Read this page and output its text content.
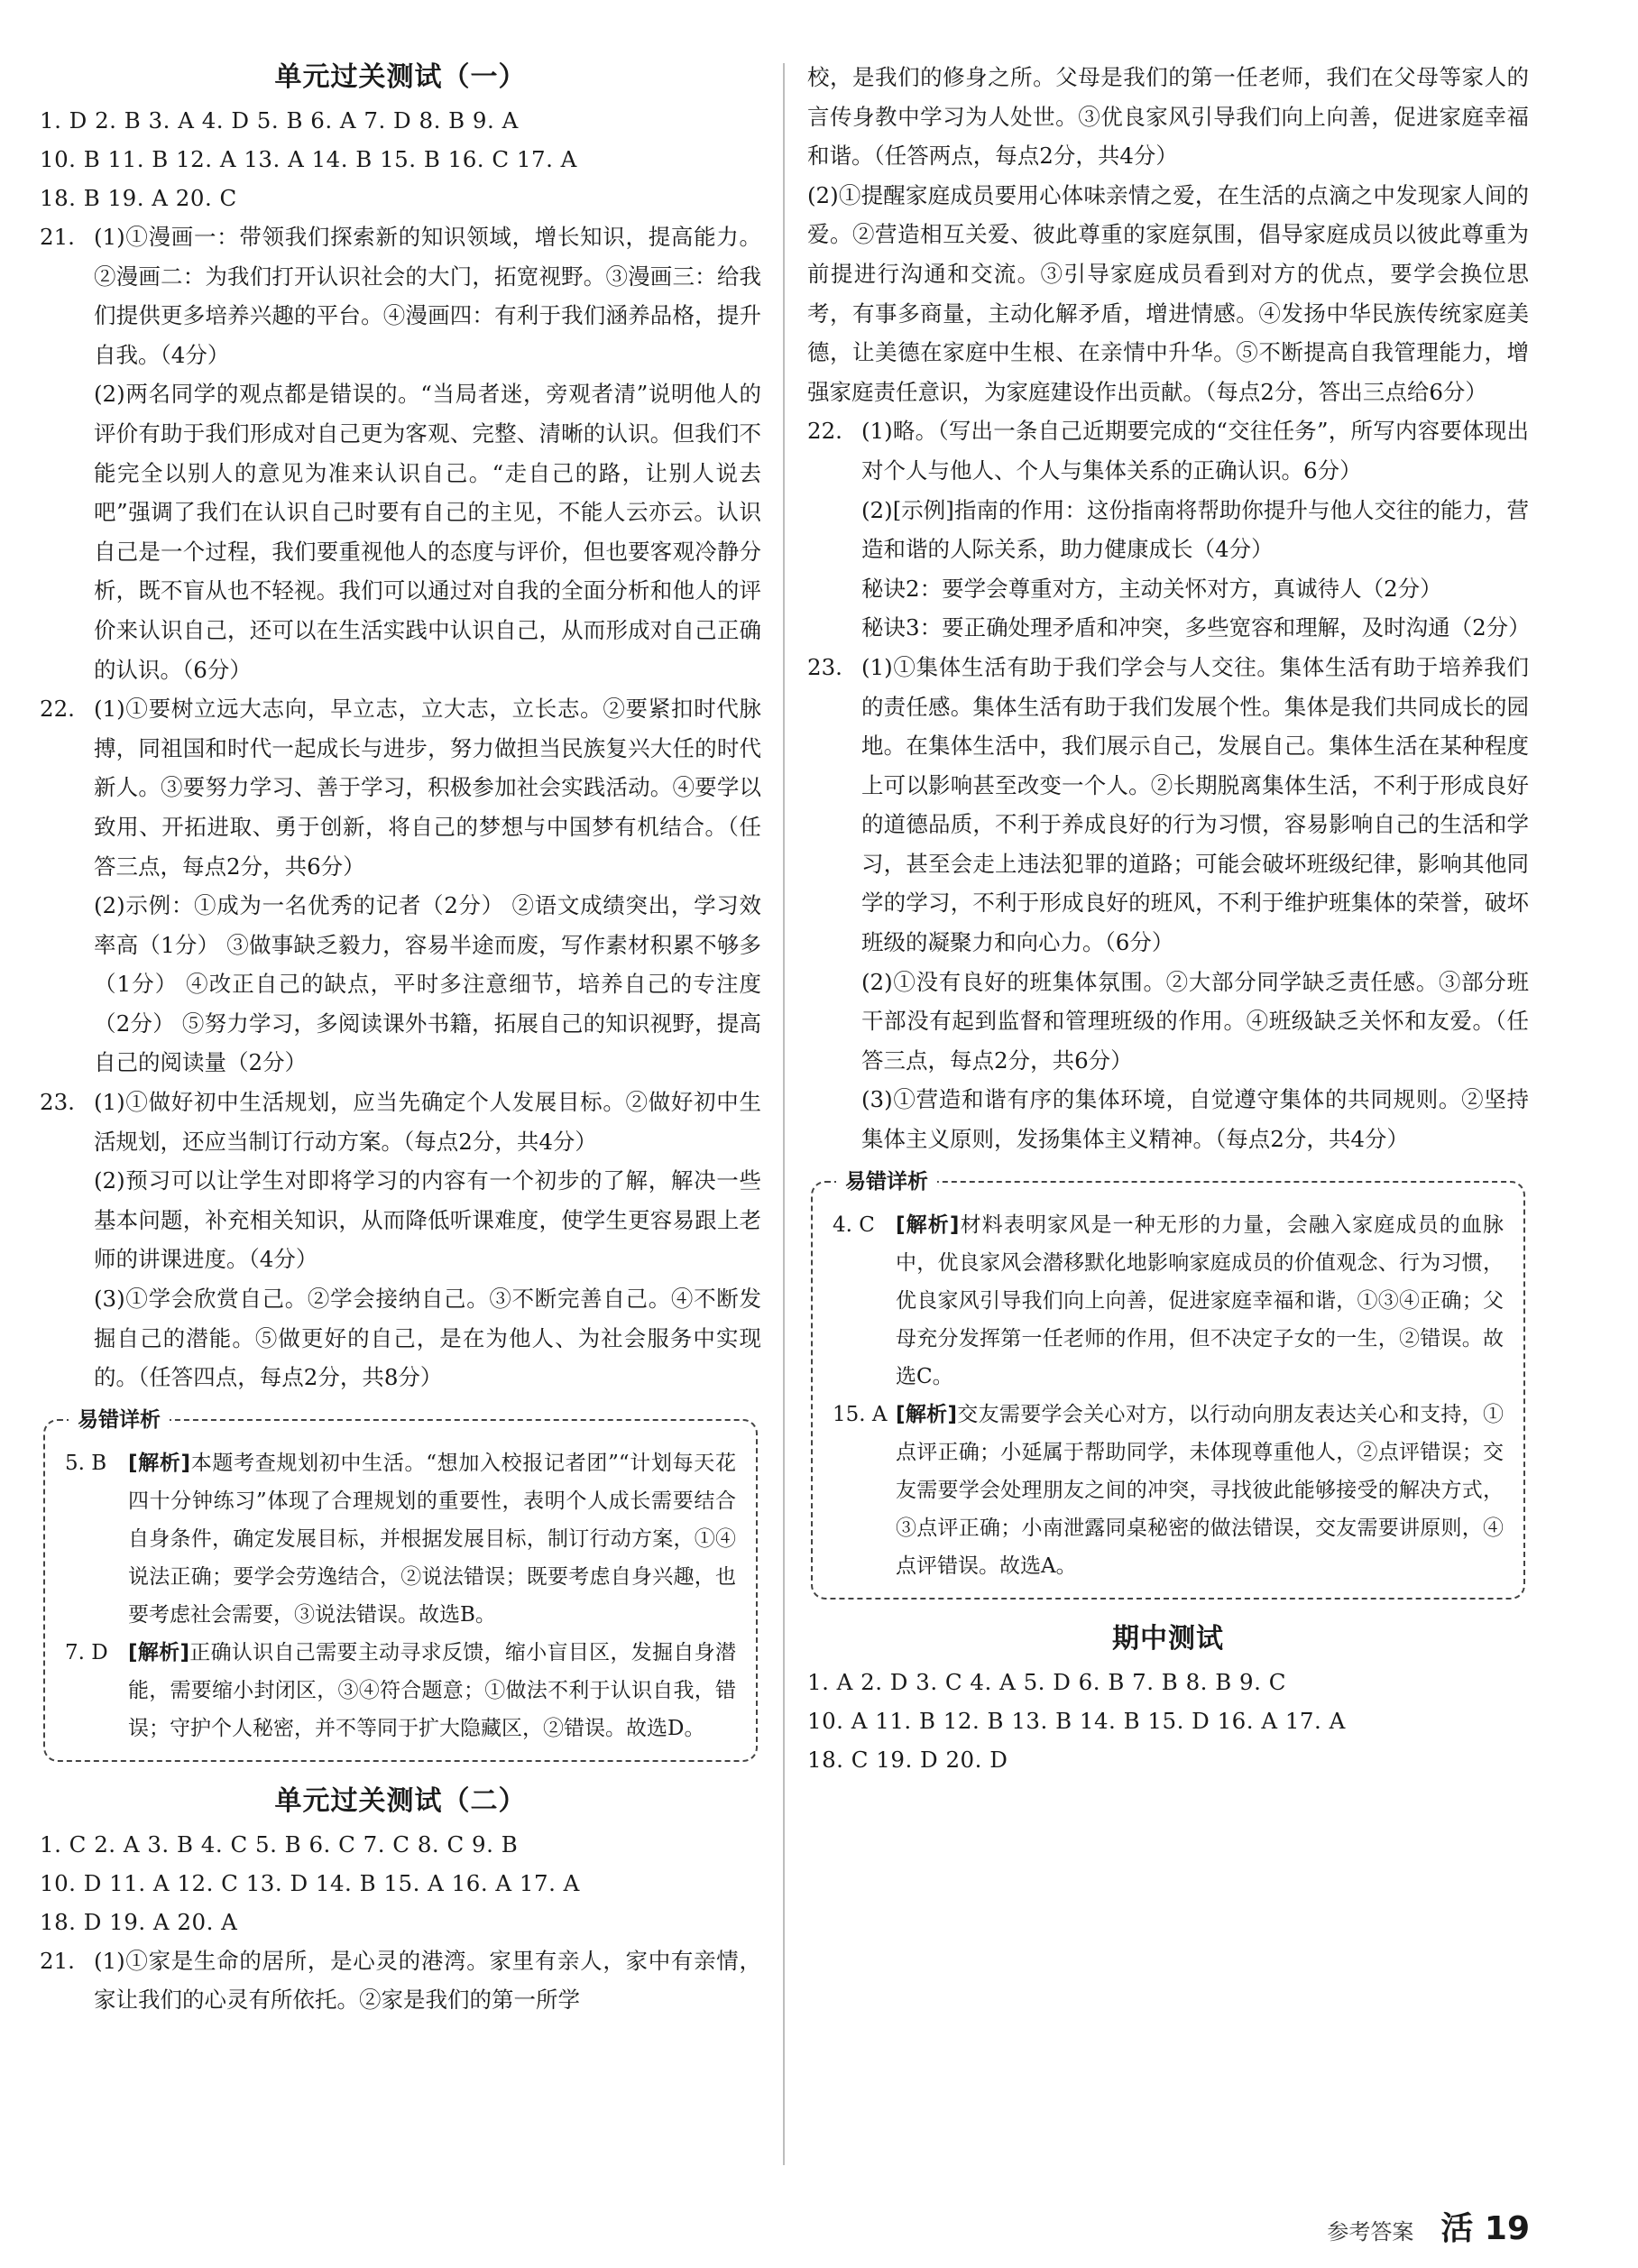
单元过关测试（一）
1. D 2. B 3. A 4. D 5. B 6. A 7. D 8. B 9. A
10. B 11. B 12. A 13. A 14. B 15. B 16. C 17. A
18. B 19. A 20. C
21. (1)①漫画一：带领我们探索新的知识领域，增长知识，提高能力。②漫画二：为我们打开认识社会的大门，拓宽视野。③漫画三：给我们提供更多培养兴趣的平台。④漫画四：有利于我们涵养品格，提升自我。（4分）

(2)两名同学的观点都是错误的。“当局者迷，旁观者清”说明他人的评价有助于我们形成对自己更为客观、完整、清晰的认识。但我们不能完全以别人的意见为准来认识自己。“走自己的路，让别人说去吧”强调了我们在认识自己时要有自己的主见，不能人云亦云。认识自己是一个过程，我们要重视他人的态度与评价，但也要客观冷静分析，既不盲从也不轻视。我们可以通过对自我的全面分析和他人的评价来认识自己，还可以在生活实践中认识自己，从而形成对自己正确的认识。（6分）

22. (1)①要树立远大志向，早立志，立大志，立长志。②要紧扣时代脉搏，同祖国和时代一起成长与进步，努力做担当民族复兴大任的时代新人。③要努力学习、善于学习，积极参加社会实践活动。④要学以致用、开拓进取、勇于创新，将自己的梦想与中国梦有机结合。（任答三点，每点2分，共6分）

(2)示例：①成为一名优秀的记者（2分） ②语文成绩突出，学习效率高（1分） ③做事缺乏毅力，容易半途而废，写作素材积累不够多（1分） ④改正自己的缺点，平时多注意细节，培养自己的专注度（2分） ⑤努力学习，多阅读课外书籍，拓展自己的知识视野，提高自己的阅读量（2分）

23. (1)①做好初中生活规划，应当先确定个人发展目标。②做好初中生活规划，还应当制订行动方案。（每点2分，共4分）

(2)预习可以让学生对即将学习的内容有一个初步的了解，解决一些基本问题，补充相关知识，从而降低听课难度，使学生更容易跟上老师的讲课进度。（4分）

(3)①学会欣赏自己。②学会接纳自己。③不断完善自己。④不断发掘自己的潜能。⑤做更好的自己，是在为他人、为社会服务中实现的。（任答四点，每点2分，共8分）

易错详析
5. B	[解析]本题考查规划初中生活。“想加入校报记者团”“计划每天花四十分钟练习”体现了合理规划的重要性，表明个人成长需要结合自身条件，确定发展目标，并根据发展目标，制订行动方案，①④说法正确；要学会劳逸结合，②说法错误；既要考虑自身兴趣，也要考虑社会需要，③说法错误。故选B。
7. D [解析]正确认识自己需要主动寻求反馈，缩小盲目区，发掘自身潜能，需要缩小封闭区，③④符合题意；①做法不利于认识自我，错误；守护个人秘密，并不等同于扩大隐藏区，②错误。故选D。
单元过关测试（二）
1. C 2. A 3. B 4. C 5. B 6. C 7. C 8. C 9. B
10. D 11. A 12. C 13. D 14. B 15. A 16. A 17. A
18. D 19. A 20. A
21. (1)①家是生命的居所，是心灵的港湾。家里有亲人，家中有亲情，家让我们的心灵有所依托。②家是我们的第一所学

校，是我们的修身之所。父母是我们的第一任老师，我们在父母等家人的言传身教中学习为人处世。③优良家风引导我们向上向善，促进家庭幸福和谐。（任答两点，每点2分，共4分）

(2)①提醒家庭成员要用心体味亲情之爱，在生活的点滴之中发现家人间的爱。②营造相互关爱、彼此尊重的家庭氛围，倡导家庭成员以彼此尊重为前提进行沟通和交流。③引导家庭成员看到对方的优点，要学会换位思考，有事多商量，主动化解矛盾，增进情感。④发扬中华民族传统家庭美德，让美德在家庭中生根、在亲情中升华。⑤不断提高自我管理能力，增强家庭责任意识，为家庭建设作出贡献。（每点2分，答出三点给6分）

22. (1)略。（写出一条自己近期要完成的“交往任务”，所写内容要体现出对个人与他人、个人与集体关系的正确认识。6分）

(2)[示例]指南的作用：这份指南将帮助你提升与他人交往的能力，营造和谐的人际关系，助力健康成长（4分）

秘诀2：要学会尊重对方，主动关怀对方，真诚待人（2分）

秘诀3：要正确处理矛盾和冲突，多些宽容和理解，及时沟通（2分）

23. (1)①集体生活有助于我们学会与人交往。集体生活有助于培养我们的责任感。集体生活有助于我们发展个性。集体是我们共同成长的园地。在集体生活中，我们展示自己，发展自己。集体生活在某种程度上可以影响甚至改变一个人。②长期脱离集体生活，不利于形成良好的道德品质，不利于养成良好的行为习惯，容易影响自己的生活和学习，甚至会走上违法犯罪的道路；可能会破坏班级纪律，影响其他同学的学习，不利于形成良好的班风，不利于维护班集体的荣誉，破坏班级的凝聚力和向心力。（6分）

(2)①没有良好的班集体氛围。②大部分同学缺乏责任感。③部分班干部没有起到监督和管理班级的作用。④班级缺乏关怀和友爱。（任答三点，每点2分，共6分）

(3)①营造和谐有序的集体环境，自觉遵守集体的共同规则。②坚持集体主义原则，发扬集体主义精神。（每点2分，共4分）

易错详析
4. C	[解析]材料表明家风是一种无形的力量，会融入家庭成员的血脉中，优良家风会潜移默化地影响家庭成员的价值观念、行为习惯，优良家风引导我们向上向善，促进家庭幸福和谐，①③④正确；父母充分发挥第一任老师的作用，但不决定子女的一生，②错误。故选C。
15. A [解析]交友需要学会关心对方，以行动向朋友表达关心和支持，①点评正确；小延属于帮助同学，未体现尊重他人，②点评错误；交友需要学会处理朋友之间的冲突，寻找彼此能够接受的解决方式，③点评正确；小南泄露同桌秘密的做法错误，交友需要讲原则，④点评错误。故选A。
期中测试
1. A 2. D 3. C 4. A 5. D 6. B 7. B 8. B 9. C
10. A 11. B 12. B 13. B 14. B 15. D 16. A 17. A
18. C 19. D 20. D
参考答案 活 19
